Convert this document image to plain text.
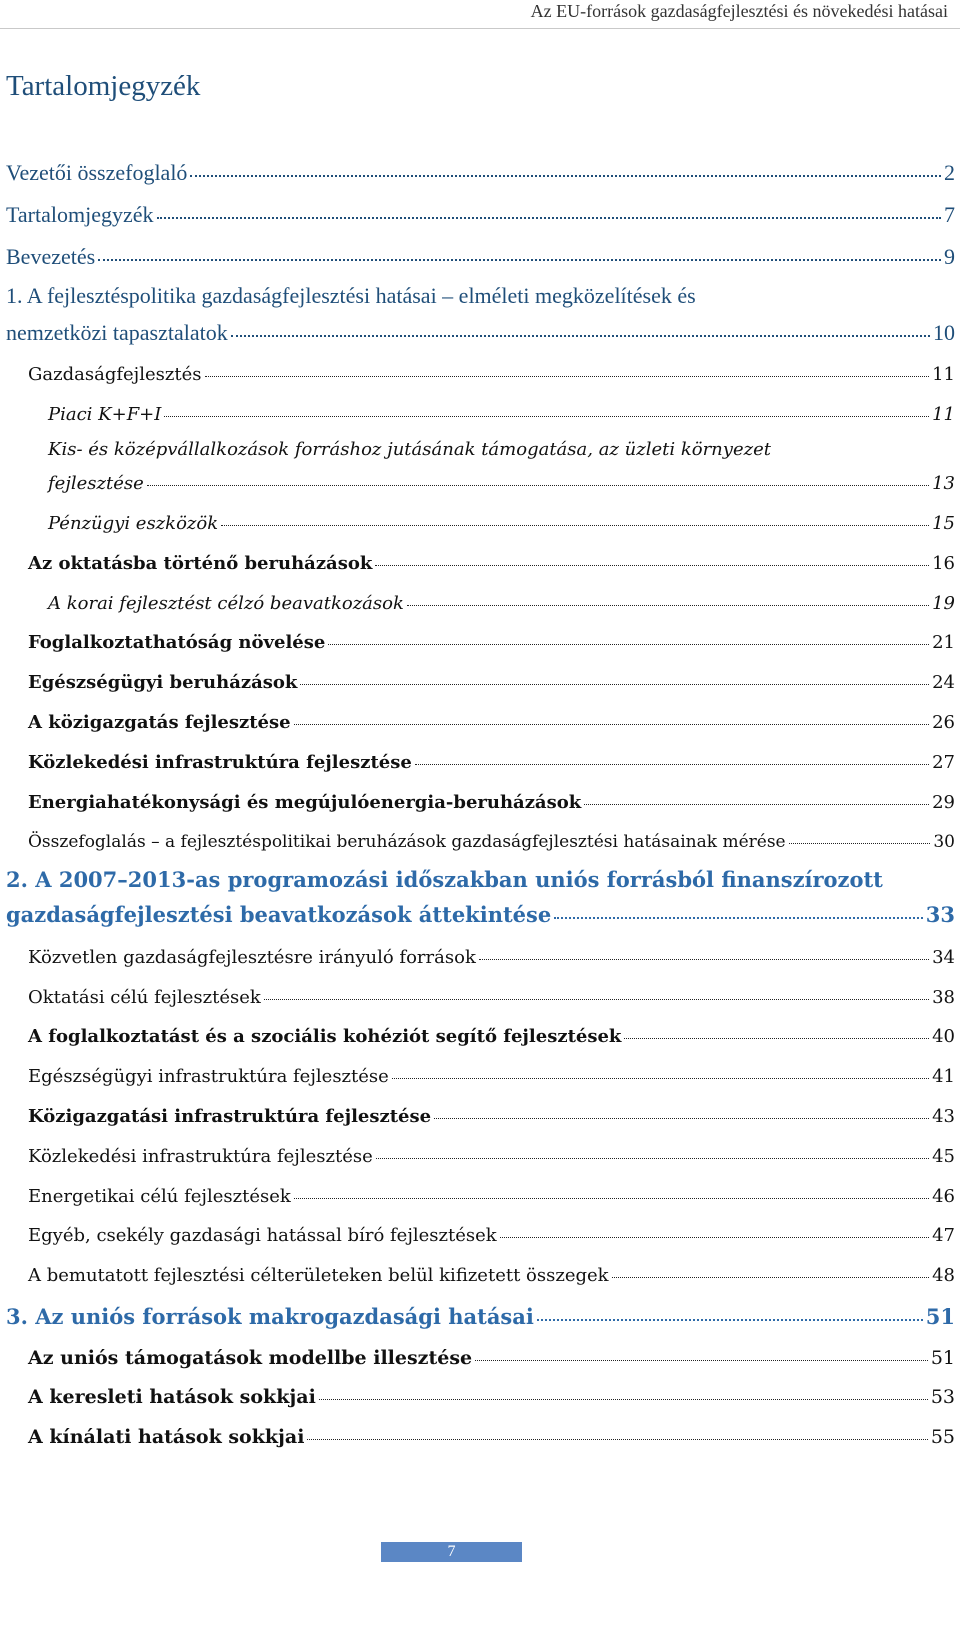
Az EU-források gazdaságfejlesztési és növekedési hatásai
Tartalomjegyzék
Vezetői összefoglaló	2
Tartalomjegyzék	7
Bevezetés	9
1. A fejlesztéspolitika gazdaságfejlesztési hatásai – elméleti megközelítések és
nemzetközi tapasztalatok	10
Gazdaságfejlesztés	11
Piaci K+F+I	11
Kis- és középvállalkozások forráshoz jutásának támogatása, az üzleti környezet
fejlesztése	13
Pénzügyi eszközök	15
Az oktatásba történő beruházások	16
A korai fejlesztést célzó beavatkozások	19
Foglalkoztathatóság növelése	21
Egészségügyi beruházások	24
A közigazgatás fejlesztése	26
Közlekedési infrastruktúra fejlesztése	27
Energiahatékonysági és megújulóenergia-beruházások	29
Összefoglalás – a fejlesztéspolitikai beruházások gazdaságfejlesztési hatásainak mérése	30
2. A 2007–2013-as programozási időszakban uniós forrásból finanszírozott
gazdaságfejlesztési beavatkozások áttekintése	33
Közvetlen gazdaságfejlesztésre irányuló források	34
Oktatási célú fejlesztések	38
A foglalkoztatást és a szociális kohéziót segítő fejlesztések	40
Egészségügyi infrastruktúra fejlesztése	41
Közigazgatási infrastruktúra fejlesztése	43
Közlekedési infrastruktúra fejlesztése	45
Energetikai célú fejlesztések	46
Egyéb, csekély gazdasági hatással bíró fejlesztések	47
A bemutatott fejlesztési célterületeken belül kifizetett összegek	48
3. Az uniós források makrogazdasági hatásai	51
Az uniós támogatások modellbe illesztése	51
A keresleti hatások sokkjai	53
A kínálati hatások sokkjai	55
7
